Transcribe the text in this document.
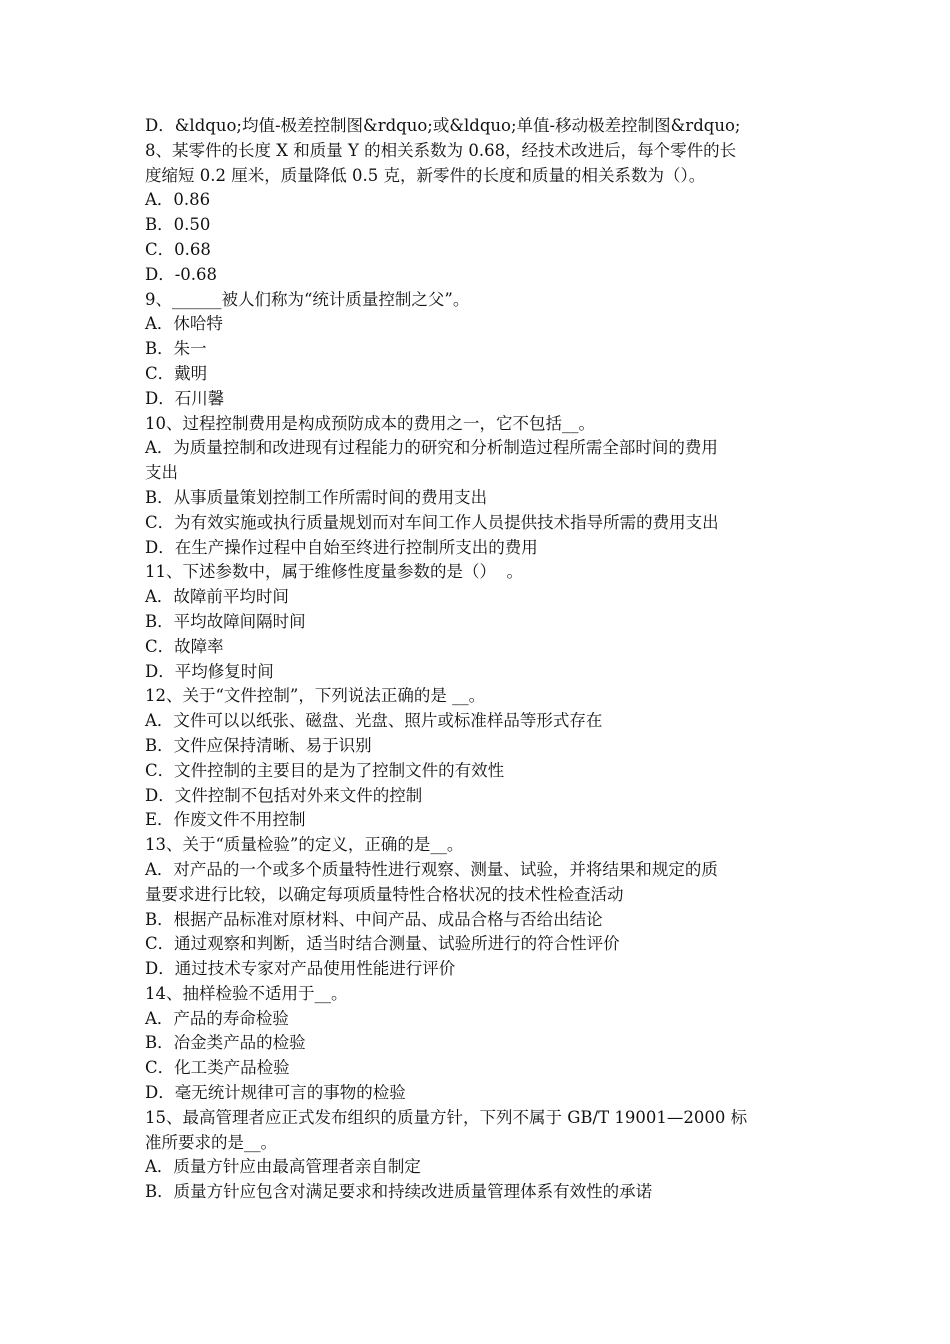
D．&ldquo;均值-极差控制图&rdquo;或&ldquo;单值-移动极差控制图&rdquo;
8、某零件的长度 X 和质量 Y 的相关系数为 0.68，经技术改进后，每个零件的长
度缩短 0.2 厘米，质量降低 0.5 克，新零件的长度和质量的相关系数为（）。
A．0.86
B．0.50
C．0.68
D．-0.68
9、______被人们称为“统计质量控制之父”。
A．休哈特
B．朱一
C．戴明
D．石川馨
10、过程控制费用是构成预防成本的费用之一，它不包括__。
A．为质量控制和改进现有过程能力的研究和分析制造过程所需全部时间的费用
支出
B．从事质量策划控制工作所需时间的费用支出
C．为有效实施或执行质量规划而对车间工作人员提供技术指导所需的费用支出
D．在生产操作过程中自始至终进行控制所支出的费用
11、下述参数中，属于维修性度量参数的是（）  。
A．故障前平均时间
B．平均故障间隔时间
C．故障率
D．平均修复时间
12、关于“文件控制”，下列说法正确的是 __。
A．文件可以以纸张、磁盘、光盘、照片或标准样品等形式存在
B．文件应保持清晰、易于识别
C．文件控制的主要目的是为了控制文件的有效性
D．文件控制不包括对外来文件的控制
E．作废文件不用控制
13、关于“质量检验”的定义，正确的是__。
A．对产品的一个或多个质量特性进行观察、测量、试验，并将结果和规定的质
量要求进行比较，以确定每项质量特性合格状况的技术性检查活动
B．根据产品标准对原材料、中间产品、成品合格与否给出结论
C．通过观察和判断，适当时结合测量、试验所进行的符合性评价
D．通过技术专家对产品使用性能进行评价
14、抽样检验不适用于__。
A．产品的寿命检验
B．冶金类产品的检验
C．化工类产品检验
D．毫无统计规律可言的事物的检验
15、最高管理者应正式发布组织的质量方针，下列不属于 GB/T 19001—2000 标
准所要求的是__。
A．质量方针应由最高管理者亲自制定
B．质量方针应包含对满足要求和持续改进质量管理体系有效性的承诺
